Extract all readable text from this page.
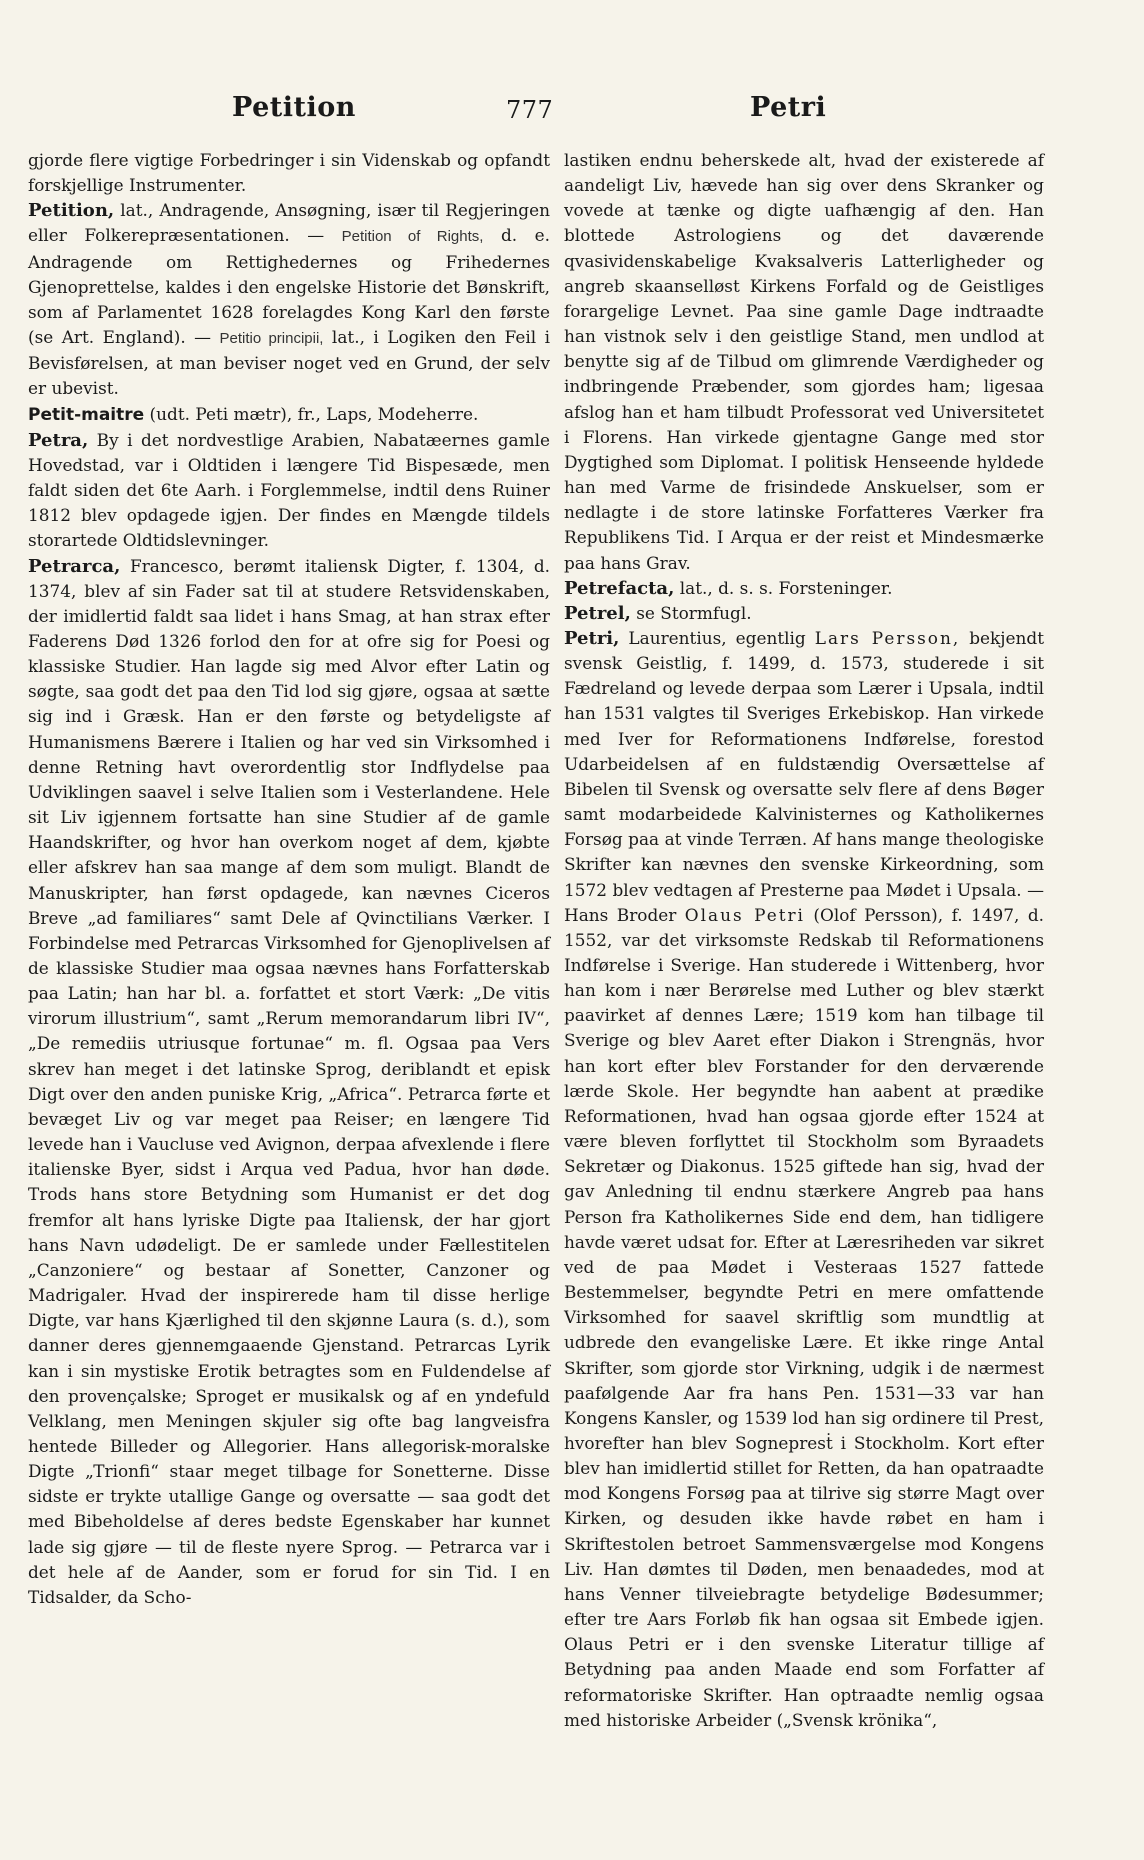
Petition	777	Petri

gjorde flere vigtige Forbedringer i sin Videnskab og opfandt forskjellige Instrumenter.

Petition, lat., Andragende, Ansøgning, især til Regjeringen eller Folkerepræsentationen. — Petition of Rights, d. e. Andragende om Rettighedernes og Frihedernes Gjenoprettelse, kaldes i den engelske Historie det Bønskrift, som af Parlamentet 1628 forelagdes Kong Karl den første (se Art. England). — Petitio principii, lat., i Logiken den Feil i Bevisførelsen, at man beviser noget ved en Grund, der selv er ubevist.

Petit-maitre (udt. Peti mætr), fr., Laps, Modeherre.

Petra, By i det nordvestlige Arabien, Nabatæernes gamle Hovedstad, var i Oldtiden i længere Tid Bispesæde, men faldt siden det 6te Aarh. i Forglemmelse, indtil dens Ruiner 1812 blev opdagede igjen. Der findes en Mængde tildels storartede Oldtidslevninger.

Petrarca, Francesco, berømt italiensk Digter, f. 1304, d. 1374, blev af sin Fader sat til at studere Retsvidenskaben, der imidlertid faldt saa lidet i hans Smag, at han strax efter Faderens Død 1326 forlod den for at ofre sig for Poesi og klassiske Studier. Han lagde sig med Alvor efter Latin og søgte, saa godt det paa den Tid lod sig gjøre, ogsaa at sætte sig ind i Græsk. Han er den første og betydeligste af Humanismens Bærere i Italien og har ved sin Virksomhed i denne Retning havt overordentlig stor Indflydelse paa Udviklingen saavel i selve Italien som i Vesterlandene. Hele sit Liv igjennem fortsatte han sine Studier af de gamle Haandskrifter, og hvor han overkom noget af dem, kjøbte eller afskrev han saa mange af dem som muligt. Blandt de Manuskripter, han først opdagede, kan nævnes Ciceros Breve „ad familiares“ samt Dele af Qvinctilians Værker. I Forbindelse med Petrarcas Virksomhed for Gjenoplivelsen af de klassiske Studier maa ogsaa nævnes hans Forfatterskab paa Latin; han har bl. a. forfattet et stort Værk: „De vitis virorum illustrium“, samt „Rerum memorandarum libri IV“, „De remediis utriusque fortunae“ m. fl. Ogsaa paa Vers skrev han meget i det latinske Sprog, deriblandt et episk Digt over den anden puniske Krig, „Africa“. Petrarca førte et bevæget Liv og var meget paa Reiser; en længere Tid levede han i Vaucluse ved Avignon, derpaa afvexlende i flere italienske Byer, sidst i Arqua ved Padua, hvor han døde. Trods hans store Betydning som Humanist er det dog fremfor alt hans lyriske Digte paa Italiensk, der har gjort hans Navn udødeligt. De er samlede under Fællestitelen „Canzoniere“ og bestaar af Sonetter, Canzoner og Madrigaler. Hvad der inspirerede ham til disse herlige Digte, var hans Kjærlighed til den skjønne Laura (s. d.), som danner deres gjennemgaaende Gjenstand. Petrarcas Lyrik kan i sin mystiske Erotik betragtes som en Fuldendelse af den provençalske; Sproget er musikalsk og af en yndefuld Velklang, men Meningen skjuler sig ofte bag langveisfra hentede Billeder og Allegorier. Hans allegorisk-moralske Digte „Trionfi“ staar meget tilbage for Sonetterne. Disse sidste er trykte utallige Gange og oversatte — saa godt det med Bibeholdelse af deres bedste Egenskaber har kunnet lade sig gjøre — til de fleste nyere Sprog. — Petrarca var i det hele af de Aander, som er forud for sin Tid. I en Tidsalder, da Scho-

lastiken endnu beherskede alt, hvad der existerede af aandeligt Liv, hævede han sig over dens Skranker og vovede at tænke og digte uafhængig af den. Han blottede Astrologiens og det daværende qvasividenskabelige Kvaksalveris Latterligheder og angreb skaanselløst Kirkens Forfald og de Geistliges forargelige Levnet. Paa sine gamle Dage indtraadte han vistnok selv i den geistlige Stand, men undlod at benytte sig af de Tilbud om glimrende Værdigheder og indbringende Præbender, som gjordes ham; ligesaa afslog han et ham tilbudt Professorat ved Universitetet i Florens. Han virkede gjentagne Gange med stor Dygtighed som Diplomat. I politisk Henseende hyldede han med Varme de frisindede Anskuelser, som er nedlagte i de store latinske Forfatteres Værker fra Republikens Tid. I Arqua er der reist et Mindesmærke paa hans Grav.

Petrefacta, lat., d. s. s. Forsteninger.

Petrel, se Stormfugl.

Petri, Laurentius, egentlig Lars Persson, bekjendt svensk Geistlig, f. 1499, d. 1573, studerede i sit Fædreland og levede derpaa som Lærer i Upsala, indtil han 1531 valgtes til Sveriges Erkebiskop. Han virkede med Iver for Reformationens Indførelse, forestod Udarbeidelsen af en fuldstændig Oversættelse af Bibelen til Svensk og oversatte selv flere af dens Bøger samt modarbeidede Kalvinisternes og Katholikernes Forsøg paa at vinde Terræn. Af hans mange theologiske Skrifter kan nævnes den svenske Kirkeordning, som 1572 blev vedtagen af Presterne paa Mødet i Upsala. — Hans Broder Olaus Petri (Olof Persson), f. 1497, d. 1552, var det virksomste Redskab til Reformationens Indførelse i Sverige. Han studerede i Wittenberg, hvor han kom i nær Berørelse med Luther og blev stærkt paavirket af dennes Lære; 1519 kom han tilbage til Sverige og blev Aaret efter Diakon i Strengnäs, hvor han kort efter blev Forstander for den derværende lærde Skole. Her begyndte han aabent at prædike Reformationen, hvad han ogsaa gjorde efter 1524 at være bleven forflyttet til Stockholm som Byraadets Sekretær og Diakonus. 1525 giftede han sig, hvad der gav Anledning til endnu stærkere Angreb paa hans Person fra Katholikernes Side end dem, han tidligere havde været udsat for. Efter at Læresriheden var sikret ved de paa Mødet i Vesteraas 1527 fattede Bestemmelser, begyndte Petri en mere omfattende Virksomhed for saavel skriftlig som mundtlig at udbrede den evangeliske Lære. Et ikke ringe Antal Skrifter, som gjorde stor Virkning, udgik i de nærmest paafølgende Aar fra hans Pen. 1531—33 var han Kongens Kansler, og 1539 lod han sig ordinere til Prest, hvorefter han blev Sognepresṫ i Stockholm. Kort efter blev han imidlertid stillet for Retten, da han opatraadte mod Kongens Forsøg paa at tilrive sig større Magt over Kirken, og desuden ikke havde røbet en ham i Skriftestolen betroet Sammensværgelse mod Kongens Liv. Han dømtes til Døden, men benaadedes, mod at hans Venner tilveiebragte betydelige Bødesummer; efter tre Aars Forløb fik han ogsaa sit Embede igjen. Olaus Petri er i den svenske Literatur tillige af Betydning paa anden Maade end som Forfatter af reformatoriske Skrifter. Han optraadte nemlig ogsaa med historiske Arbeider („Svensk krönika“,
